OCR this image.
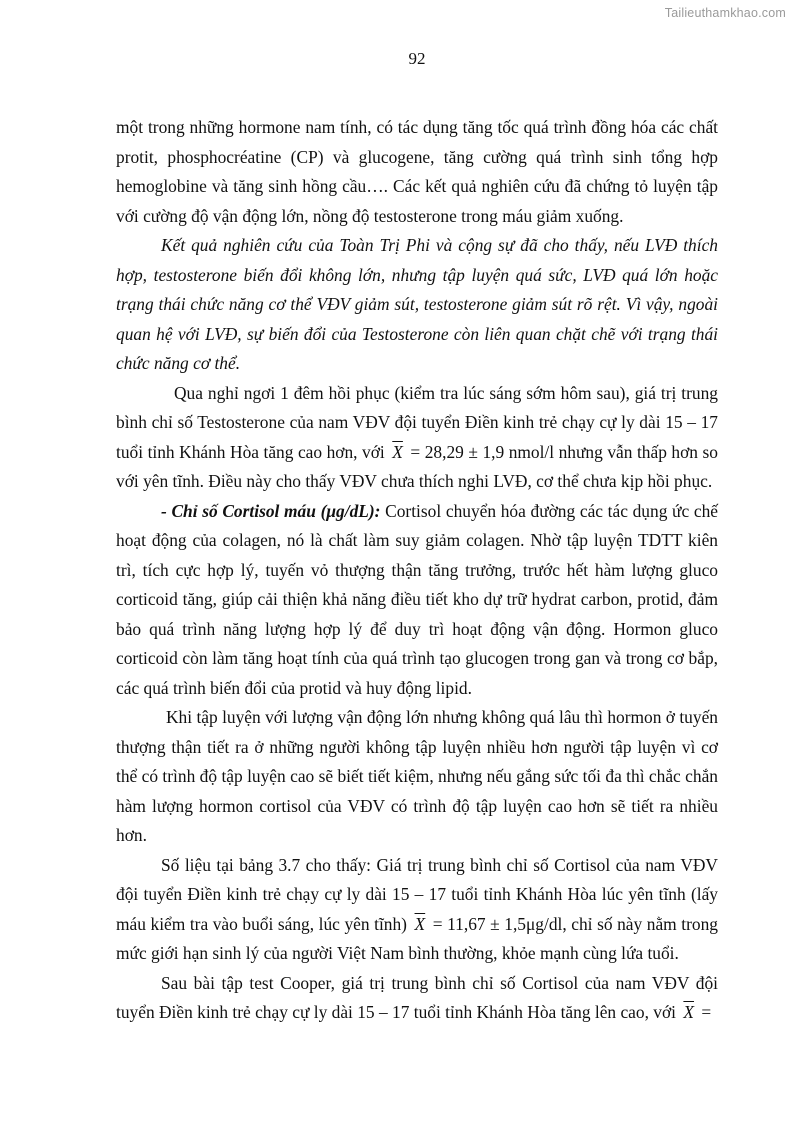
Tailieuthamkhao.com
92

một trong những hormone nam tính, có tác dụng tăng tốc quá trình đồng hóa các chất protit, phosphocréatine (CP) và glucogene, tăng cường quá trình sinh tổng hợp hemoglobine và tăng sinh hồng cầu…. Các kết quả nghiên cứu đã chứng tỏ luyện tập với cường độ vận động lớn, nồng độ testosterone trong máu giảm xuống.

Kết quả nghiên cứu của Toàn Trị Phi và cộng sự đã cho thấy, nếu LVĐ thích hợp, testosterone biến đổi không lớn, nhưng tập luyện quá sức, LVĐ quá lớn hoặc trạng thái chức năng cơ thể VĐV giảm sút, testosterone giảm sút rõ rệt. Vì vậy, ngoài quan hệ với LVĐ, sự biến đổi của Testosterone còn liên quan chặt chẽ với trạng thái chức năng cơ thể.

Qua nghỉ ngơi 1 đêm hồi phục (kiểm tra lúc sáng sớm hôm sau), giá trị trung bình chỉ số Testosterone của nam VĐV đội tuyển Điền kinh trẻ chạy cự ly dài 15 – 17 tuổi tỉnh Khánh Hòa tăng cao hơn, với $\overline{X} = 28,29 \pm 1,9$ nmol/l nhưng vẫn thấp hơn so với yên tĩnh. Điều này cho thấy VĐV chưa thích nghi LVĐ, cơ thể chưa kịp hồi phục.

- Chỉ số Cortisol máu (μg/dL): Cortisol chuyển hóa đường các tác dụng ức chế hoạt động của colagen, nó là chất làm suy giảm colagen. Nhờ tập luyện TDTT kiên trì, tích cực hợp lý, tuyến vỏ thượng thận tăng trưởng, trước hết hàm lượng gluco corticoid tăng, giúp cải thiện khả năng điều tiết kho dự trữ hydrat carbon, protid, đảm bảo quá trình năng lượng hợp lý để duy trì hoạt động vận động. Hormon gluco corticoid còn làm tăng hoạt tính của quá trình tạo glucogen trong gan và trong cơ bắp, các quá trình biến đổi của protid và huy động lipid.

Khi tập luyện với lượng vận động lớn nhưng không quá lâu thì hormon ở tuyến thượng thận tiết ra ở những người không tập luyện nhiều hơn người tập luyện vì cơ thể có trình độ tập luyện cao sẽ biết tiết kiệm, nhưng nếu gắng sức tối đa thì chắc chắn hàm lượng hormon cortisol của VĐV có trình độ tập luyện cao hơn sẽ tiết ra nhiều hơn.

Số liệu tại bảng 3.7 cho thấy: Giá trị trung bình chỉ số Cortisol của nam VĐV đội tuyển Điền kinh trẻ chạy cự ly dài 15 – 17 tuổi tỉnh Khánh Hòa lúc yên tĩnh (lấy máu kiểm tra vào buổi sáng, lúc yên tĩnh) $\overline{X} = 11,67 \pm 1,5\mu g/dl$, chỉ số này nằm trong mức giới hạn sinh lý của người Việt Nam bình thường, khỏe mạnh cùng lứa tuổi.

Sau bài tập test Cooper, giá trị trung bình chỉ số Cortisol của nam VĐV đội tuyển Điền kinh trẻ chạy cự ly dài 15 – 17 tuổi tỉnh Khánh Hòa tăng lên cao, với $\overline{X}$ =
